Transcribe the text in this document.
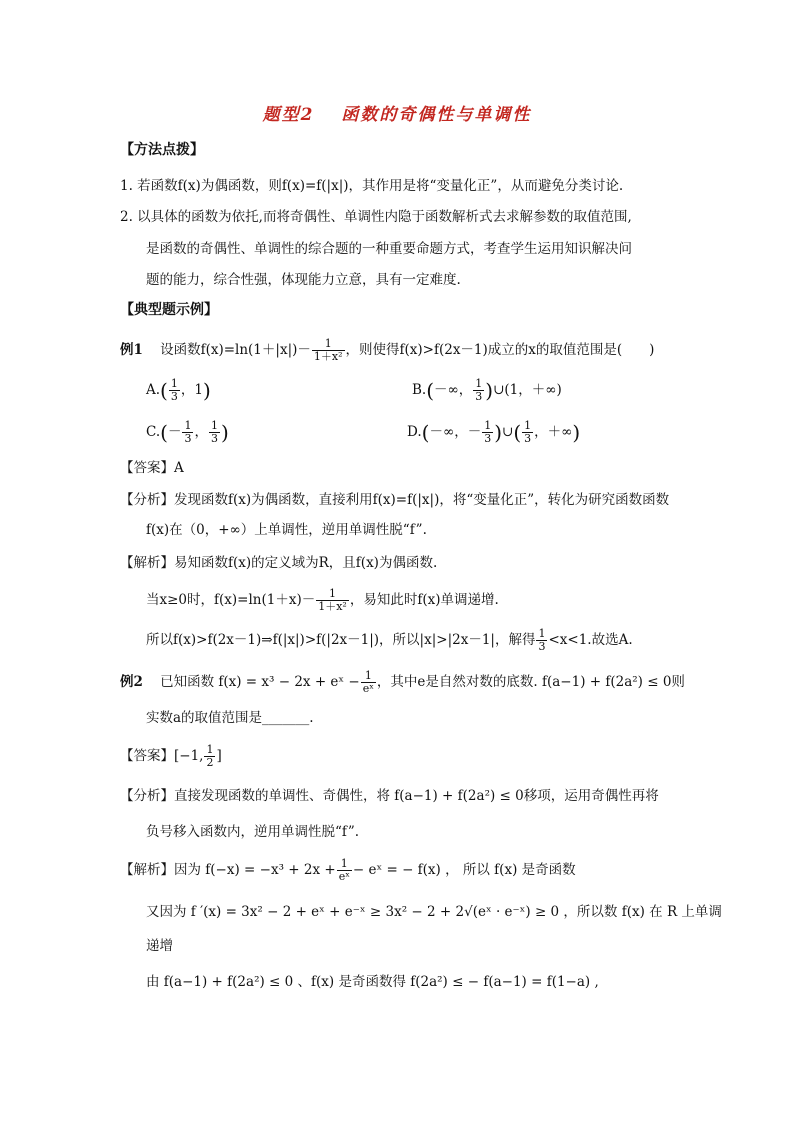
题型2　 函数的奇偶性与单调性
【方法点拨】
1. 若函数f(x)为偶函数，则f(x)=f(|x|)，其作用是将“变量化正”，从而避免分类讨论.
2. 以具体的函数为依托,而将奇偶性、单调性内隐于函数解析式去求解参数的取值范围,
是函数的奇偶性、单调性的综合题的一种重要命题方式，考查学生运用知识解决问
题的能力，综合性强，体现能力立意，具有一定难度.
【典型题示例】
例1 设函数$f(x)=\ln(1+|x|)- \frac{1}{\text{1＋x²}}$ ，则使得f(x)>f(2x－1)成立的x的取值范围是(　　)
$A.( \frac{1}{3}$ ，1)	B.(－∞， $\frac{1}{3}$ )∪(1，＋∞)
$C.(- \frac{1}{3}$ ， $\frac{1}{3}$ )	D.(－∞，－ $\frac{1}{3}$ )∪( $\frac{1}{3}$ ，＋∞)
【答案】A
【分析】发现函数f(x)为偶函数，直接利用f(x)=f(|x|)，将“变量化正”，转化为研究函数函数
f(x)在（0，+∞）上单调性，逆用单调性脱“f”.
【解析】易知函数f(x)的定义域为R，且f(x)为偶函数.
当x≥0时，$f(x)=\ln(1+x)- \frac{1}{\text{1＋x²}}$ ，易知此时f(x)单调递增.
所以f(x)>f(2x－1)⇒f(|x|)>f(|2x－1|)，所以|x|>|2x－1|，解得 $\frac{1}{3} <x<1$.故选A.
例2 已知函数 f(x) = x³ − 2x + eˣ − $\frac{1}{\text{eˣ}}$ ，其中e是自然对数的底数. f(a−1) + f(2a²) ≤ 0则
实数a的取值范围是_______.
【答案】[−1, $\frac{1}{2}$ ]
【分析】直接发现函数的单调性、奇偶性，将 f(a−1) + f(2a²) ≤ 0移项，运用奇偶性再将
负号移入函数内，逆用单调性脱“f”.
【解析】因为 $f(-x) = -x^3 + 2x + \frac{1}{\text{eˣ}}$ − eˣ = − f(x) ， 所以 f(x) 是奇函数
又因为 f ′(x) = 3x² − 2 + eˣ + e⁻ˣ ≥ 3x² − 2 + 2√(eˣ · e⁻ˣ) ≥ 0 ，所以数 f(x) 在 R 上单调
递增
由 f(a−1) + f(2a²) ≤ 0 、f(x) 是奇函数得 f(2a²) ≤ − f(a−1) = f(1−a) ,
